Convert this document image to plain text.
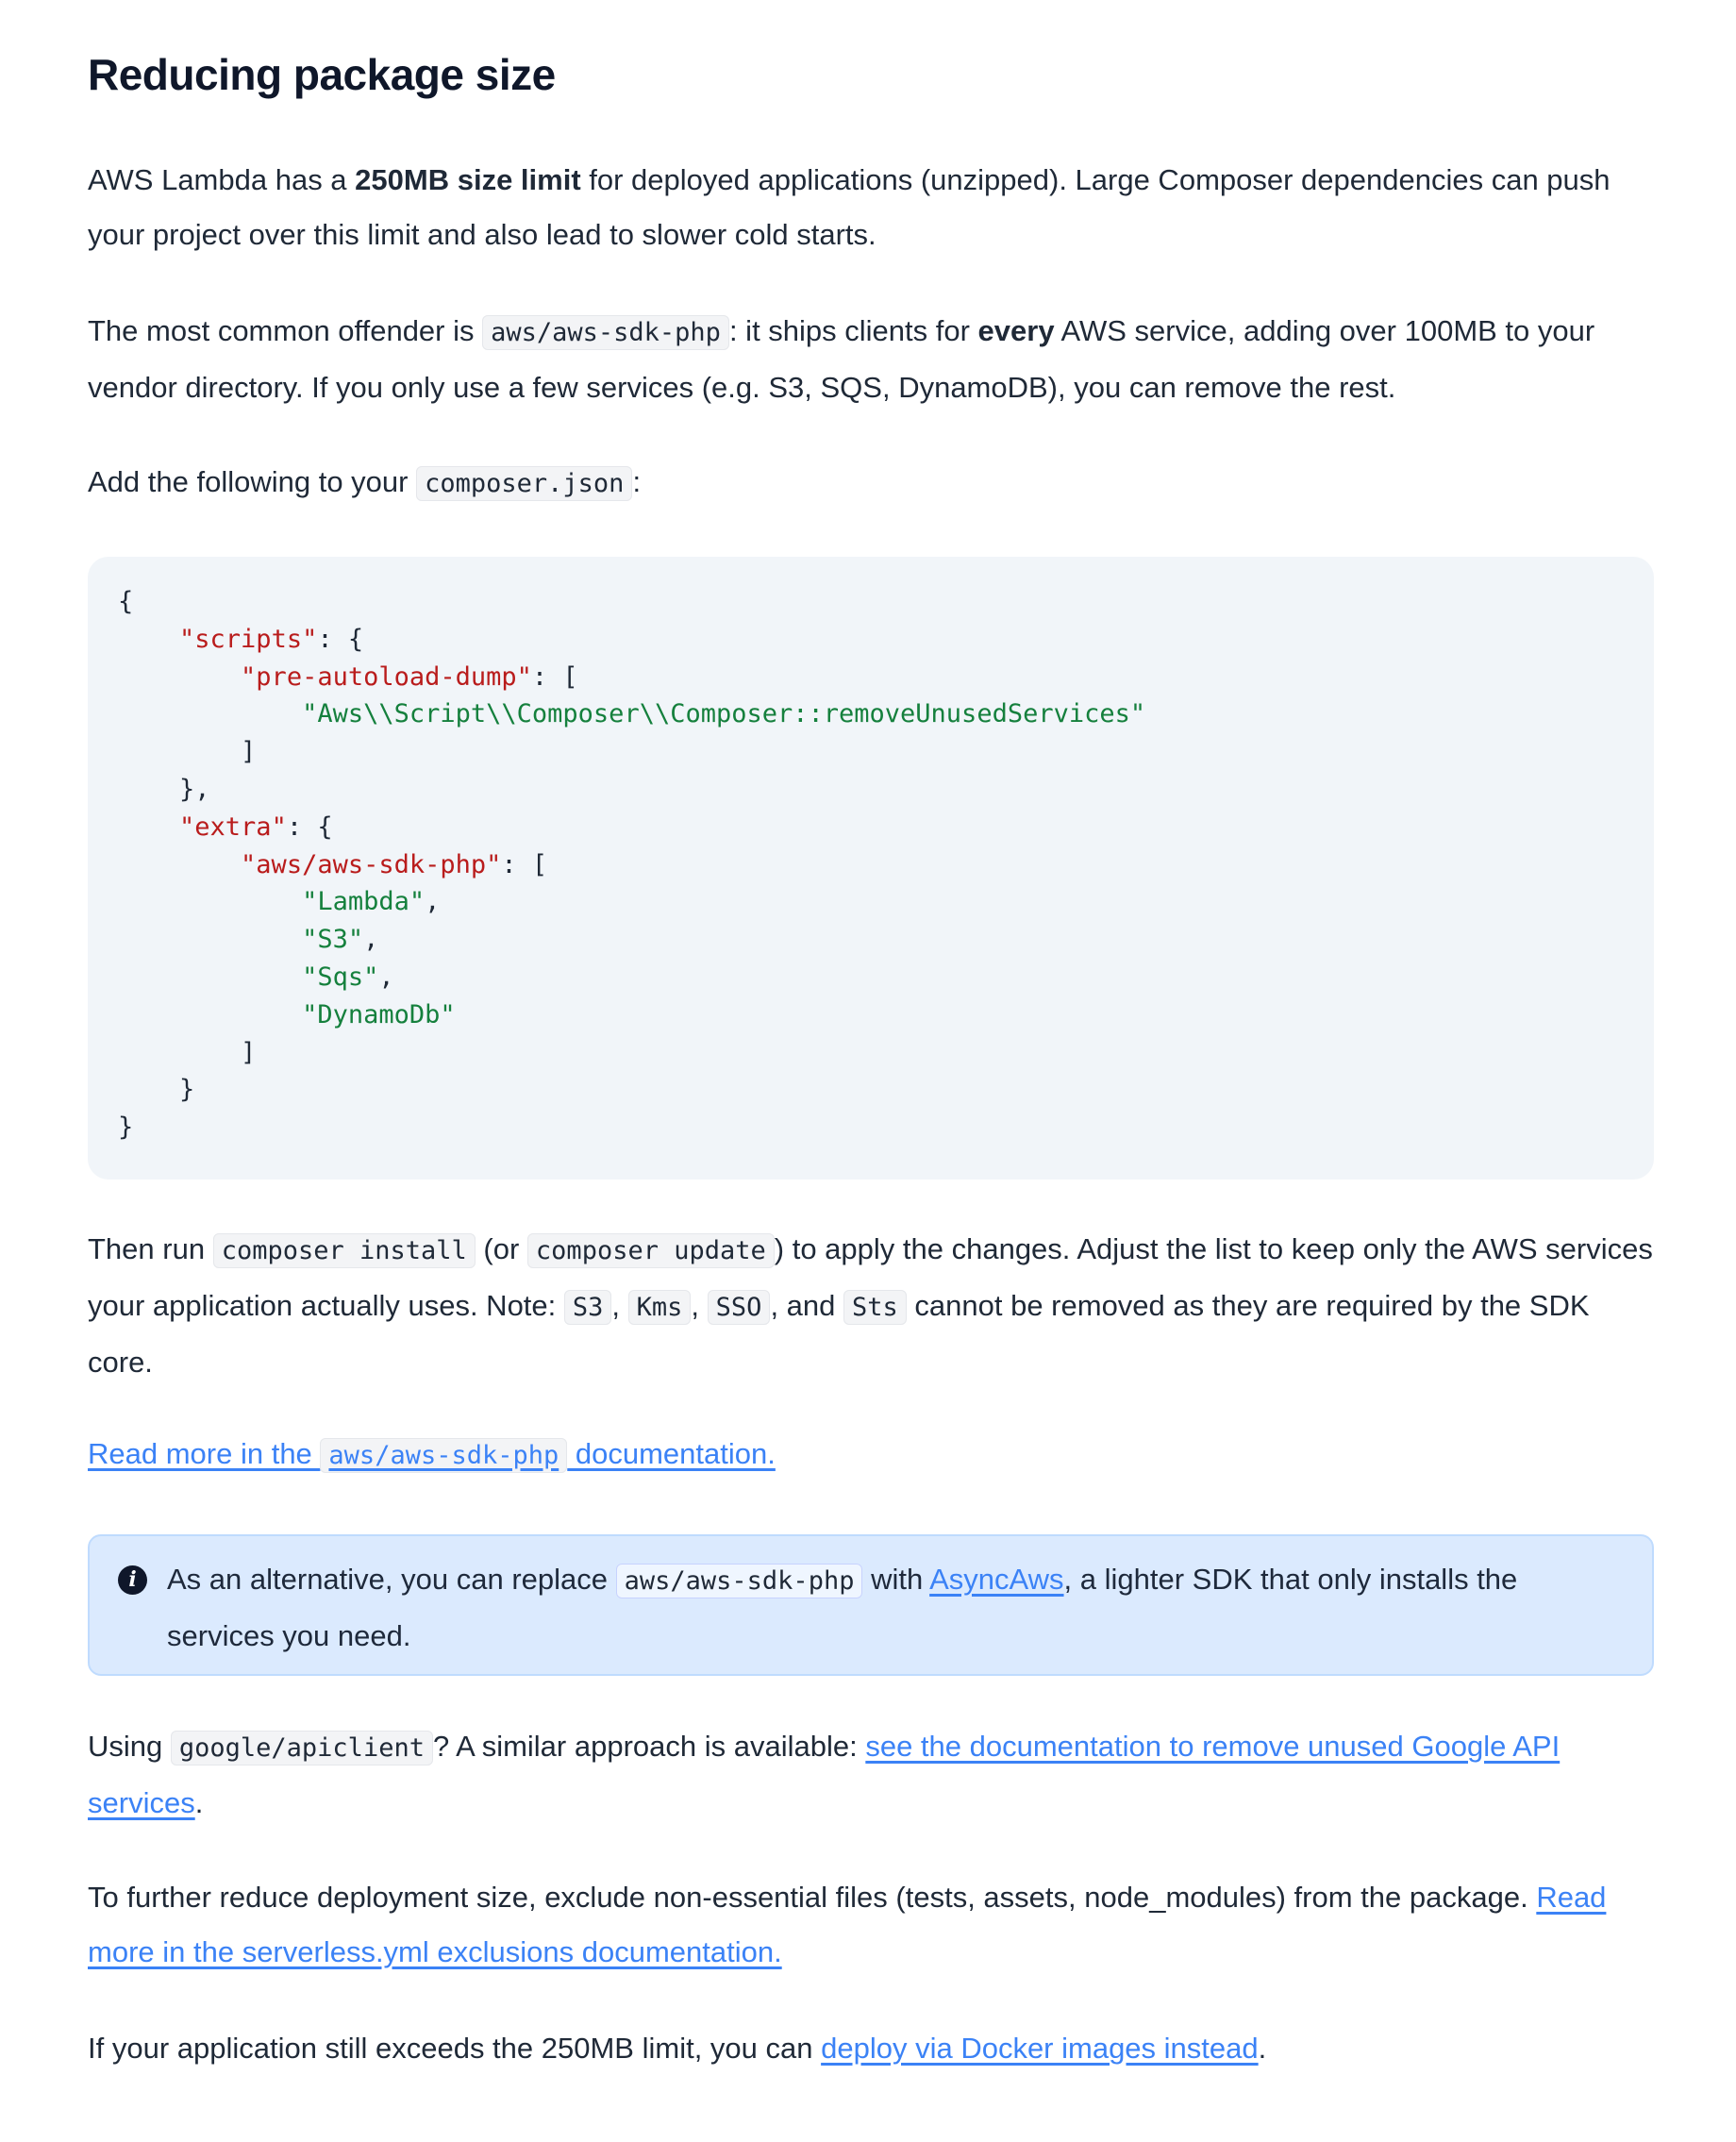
Reducing package size

AWS Lambda has a 250MB size limit for deployed applications (unzipped). Large Composer dependencies can push your project over this limit and also lead to slower cold starts.

The most common offender is aws/aws-sdk-php : it ships clients for every AWS service, adding over 100MB to your vendor directory. If you only use a few services (e.g. S3, SQS, DynamoDB), you can remove the rest.

Add the following to your composer.json :

{
"scripts": {
"pre-autoload-dump": [
"Aws\\Script\\Composer\\Composer::removeUnusedServices"
]
},
"extra": {
"aws/aws-sdk-php": [
"Lambda",
"S3",
"Sqs",
"DynamoDb"
]
}
}

Then run composer install (or composer update ) to apply the changes. Adjust the list to keep only the AWS services your application actually uses. Note: S3 , Kms , SSO , and Sts cannot be removed as they are required by the SDK core.

Read more in the aws/aws-sdk-php documentation.

i	As an alternative, you can replace aws/aws-sdk-php with AsyncAws, a lighter SDK that only installs the services you need.

Using google/apiclient ? A similar approach is available: see the documentation to remove unused Google API services.

To further reduce deployment size, exclude non-essential files (tests, assets, node_modules) from the package. Read more in the serverless.yml exclusions documentation.

If your application still exceeds the 250MB limit, you can deploy via Docker images instead.
